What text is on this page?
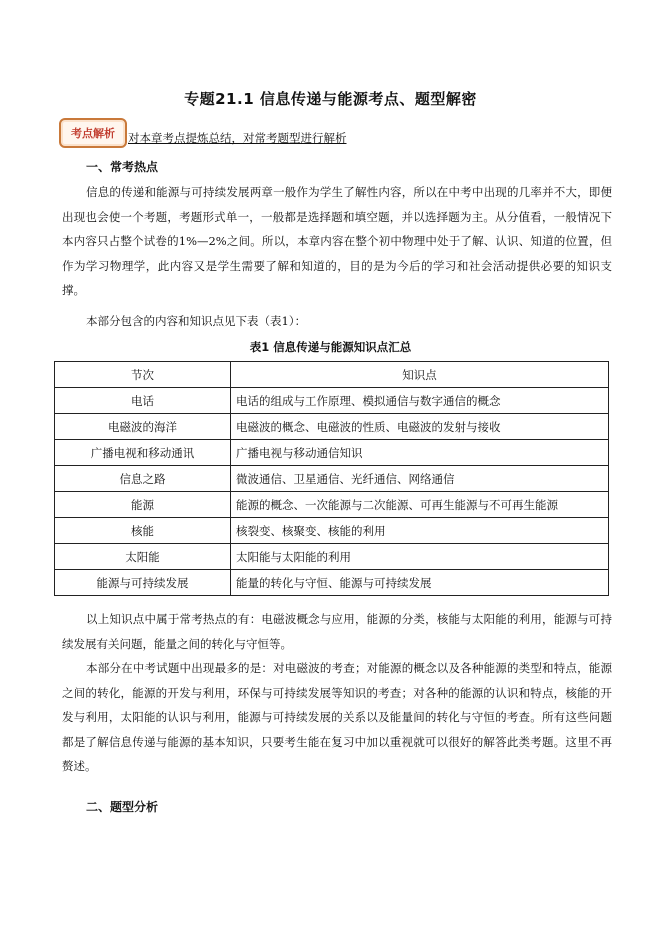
专题21.1 信息传递与能源考点、题型解密
考点解析	对本章考点提炼总结，对常考题型进行解析
一、常考热点

信息的传递和能源与可持续发展两章一般作为学生了解性内容，所以在中考中出现的几率并不大，即便出现也会使一个考题，考题形式单一，一般都是选择题和填空题，并以选择题为主。从分值看，一般情况下本内容只占整个试卷的1%—2%之间。所以，本章内容在整个初中物理中处于了解、认识、知道的位置，但作为学习物理学，此内容又是学生需要了解和知道的，目的是为今后的学习和社会活动提供必要的知识支撑。

本部分包含的内容和知识点见下表（表1）：

表1 信息传递与能源知识点汇总
节次	知识点
电话	电话的组成与工作原理、模拟通信与数字通信的概念
电磁波的海洋	电磁波的概念、电磁波的性质、电磁波的发射与接收
广播电视和移动通讯	广播电视与移动通信知识
信息之路	微波通信、卫星通信、光纤通信、网络通信
能源	能源的概念、一次能源与二次能源、可再生能源与不可再生能源
核能	核裂变、核聚变、核能的利用
太阳能	太阳能与太阳能的利用
能源与可持续发展	能量的转化与守恒、能源与可持续发展

以上知识点中属于常考热点的有：电磁波概念与应用，能源的分类，核能与太阳能的利用，能源与可持续发展有关问题，能量之间的转化与守恒等。

本部分在中考试题中出现最多的是：对电磁波的考查；对能源的概念以及各种能源的类型和特点，能源之间的转化，能源的开发与利用，环保与可持续发展等知识的考查；对各种的能源的认识和特点，核能的开发与利用，太阳能的认识与利用，能源与可持续发展的关系以及能量间的转化与守恒的考查。所有这些问题都是了解信息传递与能源的基本知识，只要考生能在复习中加以重视就可以很好的解答此类考题。这里不再赘述。

二、题型分析
